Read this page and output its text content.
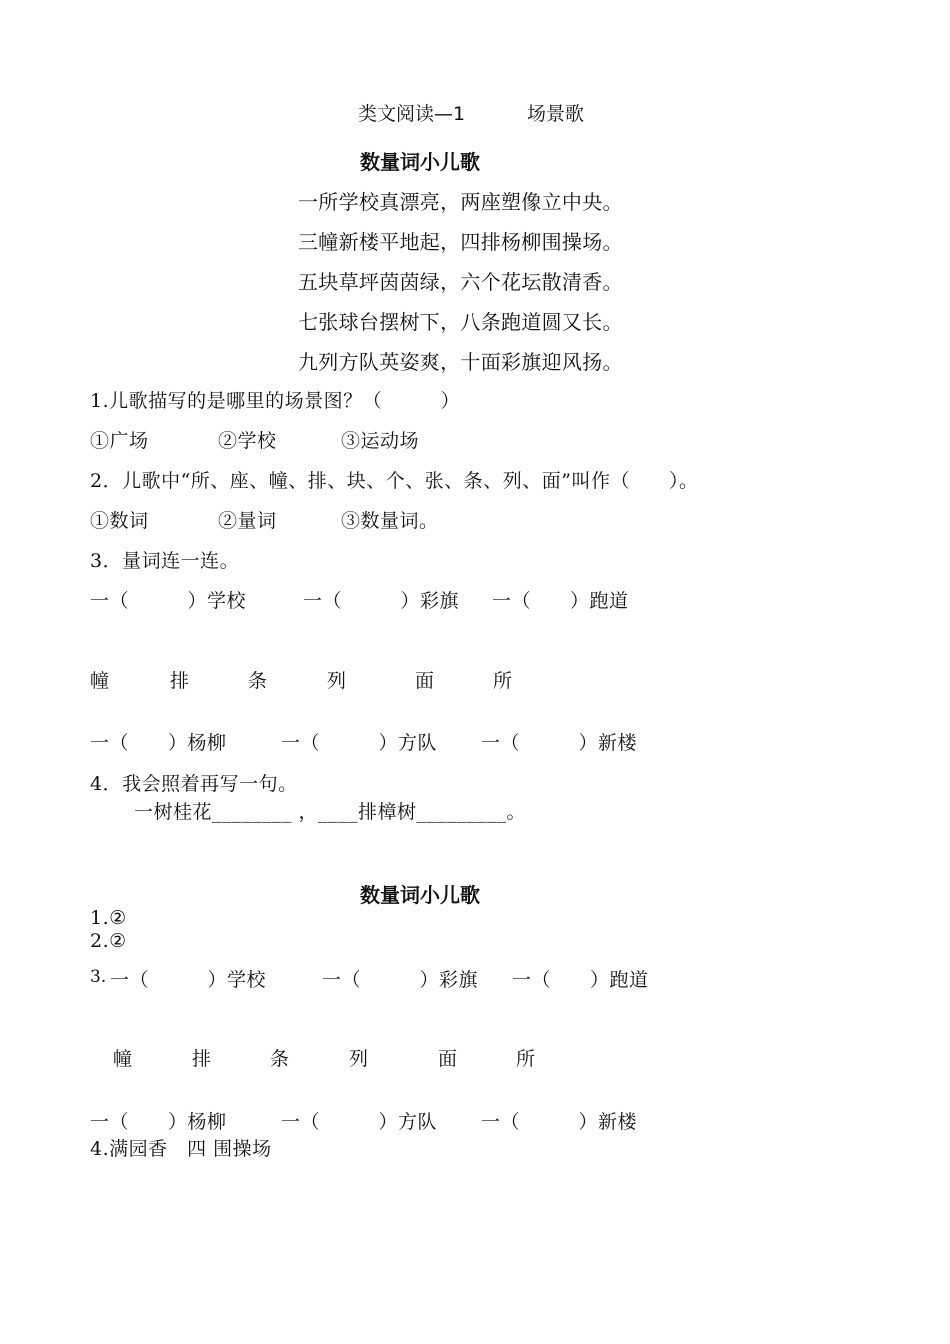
类文阅读—1	场景歌
数量词小儿歌
一所学校真漂亮，两座塑像立中央。
三幢新楼平地起，四排杨柳围操场。
五块草坪茵茵绿，六个花坛散清香。
七张球台摆树下，八条跑道圆又长。
九列方队英姿爽，十面彩旗迎风扬。
1.儿歌描写的是哪里的场景图？（　　　）
①广场	②学校	③运动场
2．儿歌中“所、座、幢、排、块、个、张、条、列、面”叫作（　　）。
①数词	②量词	③数量词。
3．量词连一连。
一（　　　）学校	一（　　　）彩旗 一（　　）跑道
幢	排	条	列	面	所
一（　　）杨柳	一（　　　）方队 一（　　　）新楼
4．我会照着再写一句。
一树桂花________ ，____排樟树_________。
数量词小儿歌
1.②
2.②
3. 一（　　　）学校	一（　　　）彩旗 一（　　）跑道
幢	排	条	列	面	所
一（　　）杨柳	一（　　　）方队 一（　　　）新楼
4.满园香　四 围操场
